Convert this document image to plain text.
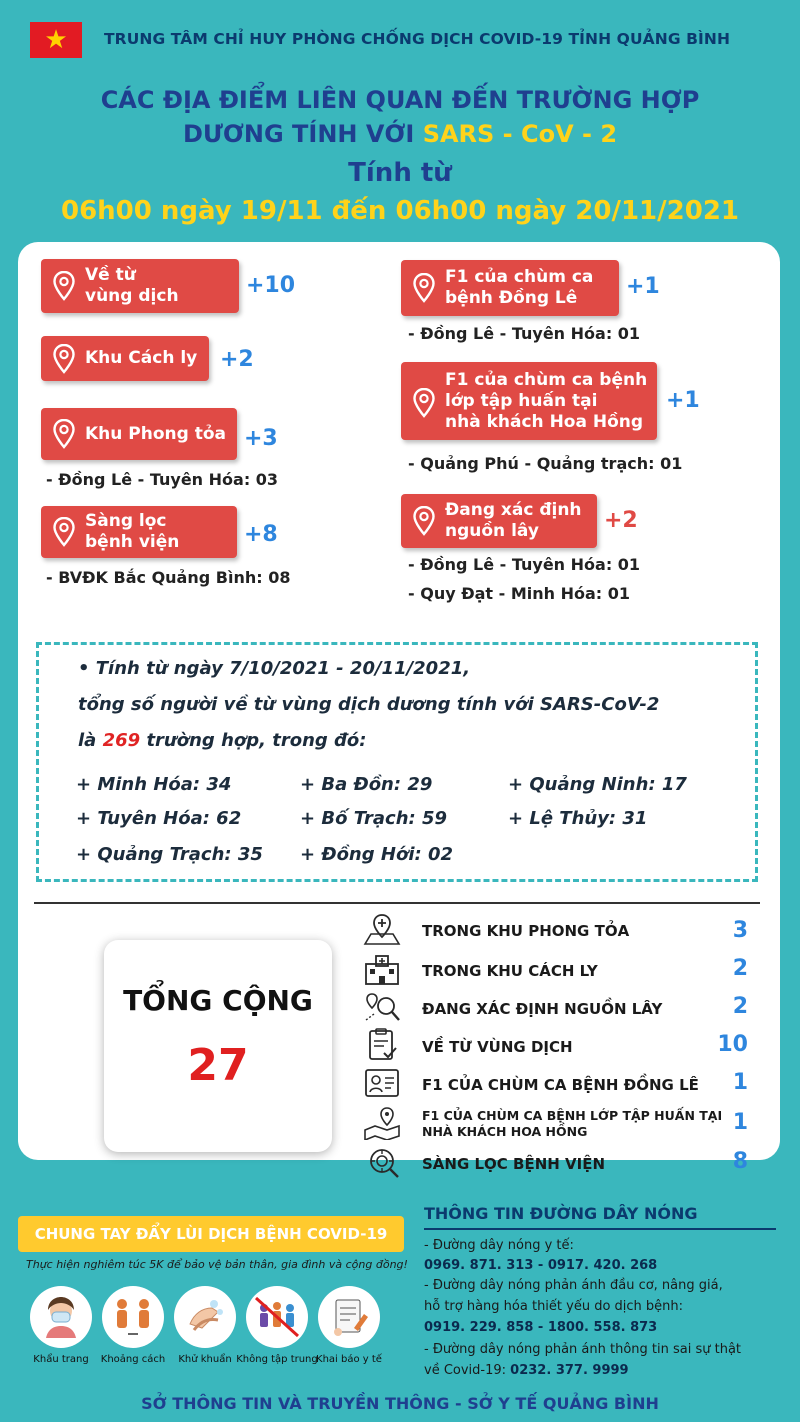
★ TRUNG TÂM CHỈ HUY PHÒNG CHỐNG DỊCH COVID-19 TỈNH QUẢNG BÌNH
CÁC ĐỊA ĐIỂM LIÊN QUAN ĐẾN TRƯỜNG HỢP
DƯƠNG TÍNH VỚI SARS - CoV - 2
Tính từ
06h00 ngày 19/11 đến 06h00 ngày 20/11/2021
Về từ
vùng dịch	+10
Khu Cách ly +2
Khu Phong tỏa +3
- Đồng Lê - Tuyên Hóa: 03
Sàng lọc
bệnh viện	+8
- BVĐK Bắc Quảng Bình: 08
F1 của chùm ca
bệnh Đồng Lê	+1
- Đồng Lê - Tuyên Hóa: 01
F1 của chùm ca bệnh
lớp tập huấn tại
nhà khách Hoa Hồng
+1
- Quảng Phú - Quảng trạch: 01
Đang xác định
nguồn lây	+2
- Đồng Lê - Tuyên Hóa: 01
- Quy Đạt - Minh Hóa: 01
• Tính từ ngày 7/10/2021 - 20/11/2021,
tổng số người về từ vùng dịch dương tính với SARS-CoV-2
là 269 trường hợp, trong đó:
+ Minh Hóa: 34	+ Ba Đồn: 29	+ Quảng Ninh: 17
+ Tuyên Hóa: 62	+ Bố Trạch: 59	+ Lệ Thủy: 31
+ Quảng Trạch: 35 + Đồng Hới: 02
TỔNG CỘNG
27
TRONG KHU PHONG TỎA	3
TRONG KHU CÁCH LY	2
ĐANG XÁC ĐỊNH NGUỒN LÂY	2
VỀ TỪ VÙNG DỊCH	10
F1 CỦA CHÙM CA BỆNH ĐỒNG LÊ	1
F1 CỦA CHÙM CA BỆNH LỚP TẬP HUẤN TẠI
NHÀ KHÁCH HOA HỒNG	1
SÀNG LỌC BỆNH VIỆN	8
CHUNG TAY ĐẨY LÙI DỊCH BỆNH COVID-19
Thực hiện nghiêm túc 5K để bảo vệ bản thân, gia đình và cộng đồng!
Khẩu trang	Khoảng cách	Khử khuẩn Không tập trung
Khai báo y tế
THÔNG TIN ĐƯỜNG DÂY NÓNG
- Đường dây nóng y tế:
0969. 871. 313 - 0917. 420. 268
- Đường dây nóng phản ánh đầu cơ, nâng giá,
hỗ trợ hàng hóa thiết yếu do dịch bệnh:
0919. 229. 858 - 1800. 558. 873
- Đường dây nóng phản ánh thông tin sai sự thật
về Covid-19: 0232. 377. 9999
SỞ THÔNG TIN VÀ TRUYỀN THÔNG - SỞ Y TẾ QUẢNG BÌNH
